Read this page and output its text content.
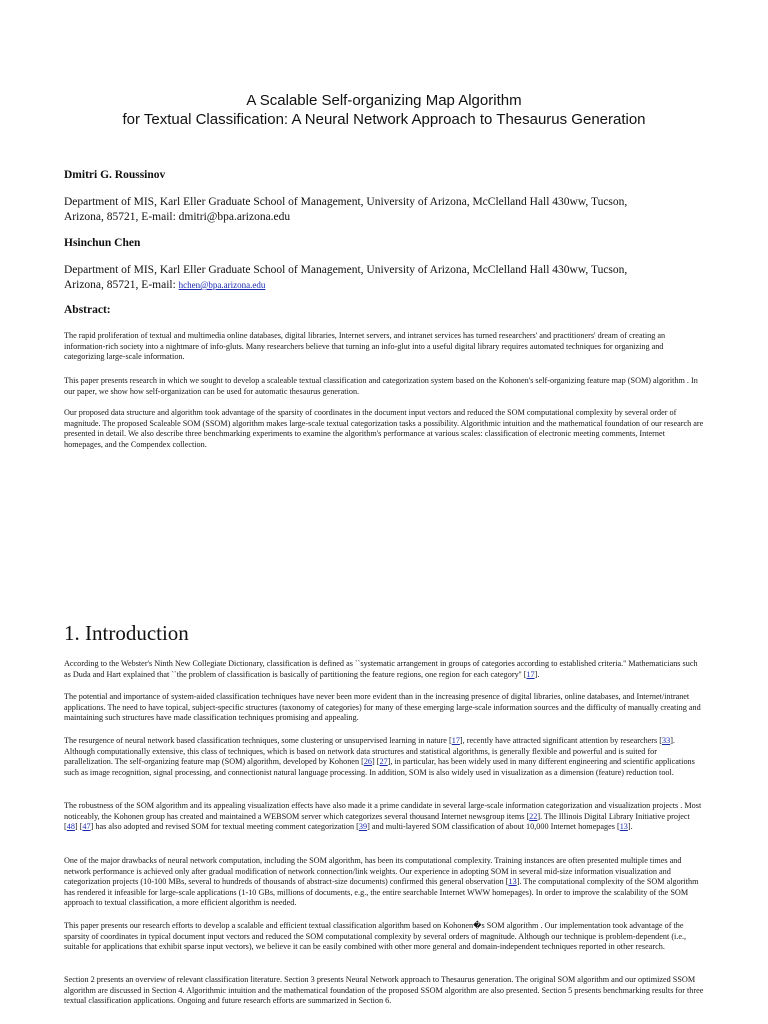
A Scalable Self-organizing Map Algorithm
for Textual Classification: A Neural Network Approach to Thesaurus Generation
Dmitri G. Roussinov
Department of MIS, Karl Eller Graduate School of Management, University of Arizona, McClelland Hall 430ww, Tucson,
Arizona, 85721, E-mail: dmitri@bpa.arizona.edu
Hsinchun Chen
Department of MIS, Karl Eller Graduate School of Management, University of Arizona, McClelland Hall 430ww, Tucson,
Arizona, 85721, E-mail: hchen@bpa.arizona.edu
Abstract:
The rapid proliferation of textual and multimedia online databases, digital libraries, Internet servers, and intranet services has turned researchers' and practitioners' dream of creating an information-rich society into a nightmare of info-gluts. Many researchers believe that turning an info-glut into a useful digital library requires automated techniques for organizing and categorizing large-scale information.
This paper presents research in which we sought to develop a scaleable textual classification and categorization system based on the Kohonen's self-organizing feature map (SOM) algorithm . In our paper, we show how self-organization can be used for automatic thesaurus generation.
Our proposed data structure and algorithm took advantage of the sparsity of coordinates in the document input vectors and reduced the SOM computational complexity by several order of magnitude. The proposed Scaleable SOM (SSOM) algorithm makes large-scale textual categorization tasks a possibility. Algorithmic intuition and the mathematical foundation of our research are presented in detail. We also describe three benchmarking experiments to examine the algorithm's performance at various scales: classification of electronic meeting comments, Internet homepages, and the Compendex collection.
1. Introduction
According to the Webster's Ninth New Collegiate Dictionary, classification is defined as ``systematic arrangement in groups of categories according to established criteria.'' Mathematicians such as Duda and Hart explained that ``the problem of classification is basically of partitioning the feature regions, one region for each category'' [17].
The potential and importance of system-aided classification techniques have never been more evident than in the increasing presence of digital libraries, online databases, and Internet/intranet applications. The need to have topical, subject-specific structures (taxonomy of categories) for many of these emerging large-scale information sources and the difficulty of manually creating and maintaining such structures have made classification techniques promising and appealing.
The resurgence of neural network based classification techniques, some clustering or unsupervised learning in nature [17], recently have attracted significant attention by researchers [33]. Although computationally extensive, this class of techniques, which is based on network data structures and statistical algorithms, is generally flexible and powerful and is suited for parallelization. The self-organizing feature map (SOM) algorithm, developed by Kohonen [26] [27], in particular, has been widely used in many different engineering and scientific applications such as image recognition, signal processing, and connectionist natural language processing. In addition, SOM is also widely used in visualization as a dimension (feature) reduction tool.
The robustness of the SOM algorithm and its appealing visualization effects have also made it a prime candidate in several large-scale information categorization and visualization projects . Most noticeably, the Kohonen group has created and maintained a WEBSOM server which categorizes several thousand Internet newsgroup items [22]. The Illinois Digital Library Initiative project [48] [47] has also adopted and revised SOM for textual meeting comment categorization [39] and multi-layered SOM classification of about 10,000 Internet homepages [13].
One of the major drawbacks of neural network computation, including the SOM algorithm, has been its computational complexity. Training instances are often presented multiple times and network performance is achieved only after gradual modification of network connection/link weights. Our experience in adopting SOM in several mid-size information visualization and categorization projects (10-100 MBs, several to hundreds of thousands of abstract-size documents) confirmed this general observation [13]. The computational complexity of the SOM algorithm has rendered it infeasible for large-scale applications (1-10 GBs, millions of documents, e.g., the entire searchable Internet WWW homepages). In order to improve the scalability of the SOM approach to textual classification, a more efficient algorithm is needed.
This paper presents our research efforts to develop a scalable and efficient textual classification algorithm based on Kohonen�s SOM algorithm . Our implementation took advantage of the sparsity of coordinates in typical document input vectors and reduced the SOM computational complexity by several orders of magnitude. Although our technique is problem-dependent (i.e., suitable for applications that exhibit sparse input vectors), we believe it can be easily combined with other more general and domain-independent techniques reported in other research.
Section 2 presents an overview of relevant classification literature. Section 3 presents Neural Network approach to Thesaurus generation. The original SOM algorithm and our optimized SSOM algorithm are discussed in Section 4. Algorithmic intuition and the mathematical foundation of the proposed SSOM algorithm are also presented. Section 5 presents benchmarking results for three textual classification applications. Ongoing and future research efforts are summarized in Section 6.
